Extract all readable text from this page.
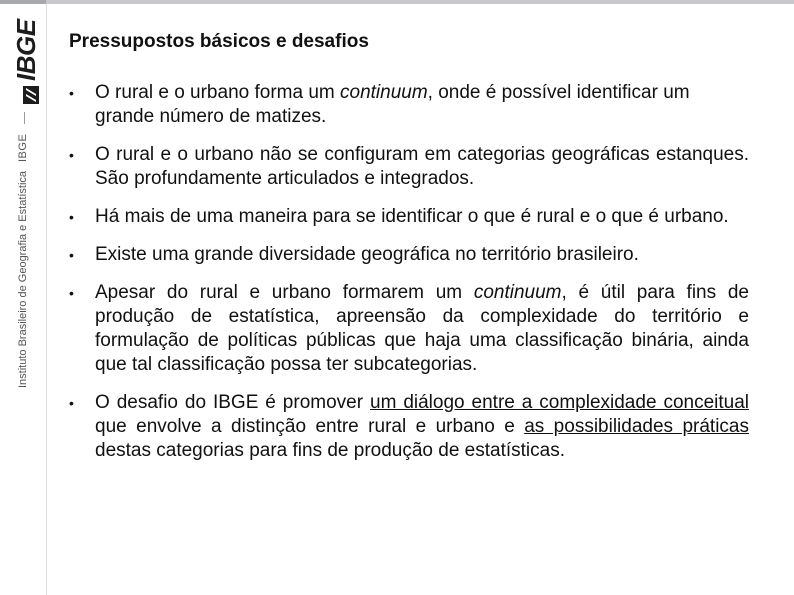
IBGE
IBGE
Instituto Brasileiro de Geografia e Estatística
Pressupostos básicos e desafios
•	O rural e o urbano forma um continuum, onde é possível identificar um grande número de matizes.
•	O rural e o urbano não se configuram em categorias geográficas estanques. São profundamente articulados e integrados.
•	Há mais de uma maneira para se identificar o que é rural e o que é urbano.
•	Existe uma grande diversidade geográfica no território brasileiro.
•	Apesar do rural e urbano formarem um continuum, é útil para fins de produção de estatística, apreensão da complexidade do território e formulação de políticas públicas que haja uma classificação binária, ainda que tal classificação possa ter subcategorias.
•	O desafio do IBGE é promover um diálogo entre a complexidade conceitual que envolve a distinção entre rural e urbano e as possibilidades práticas destas categorias para fins de produção de estatísticas.
